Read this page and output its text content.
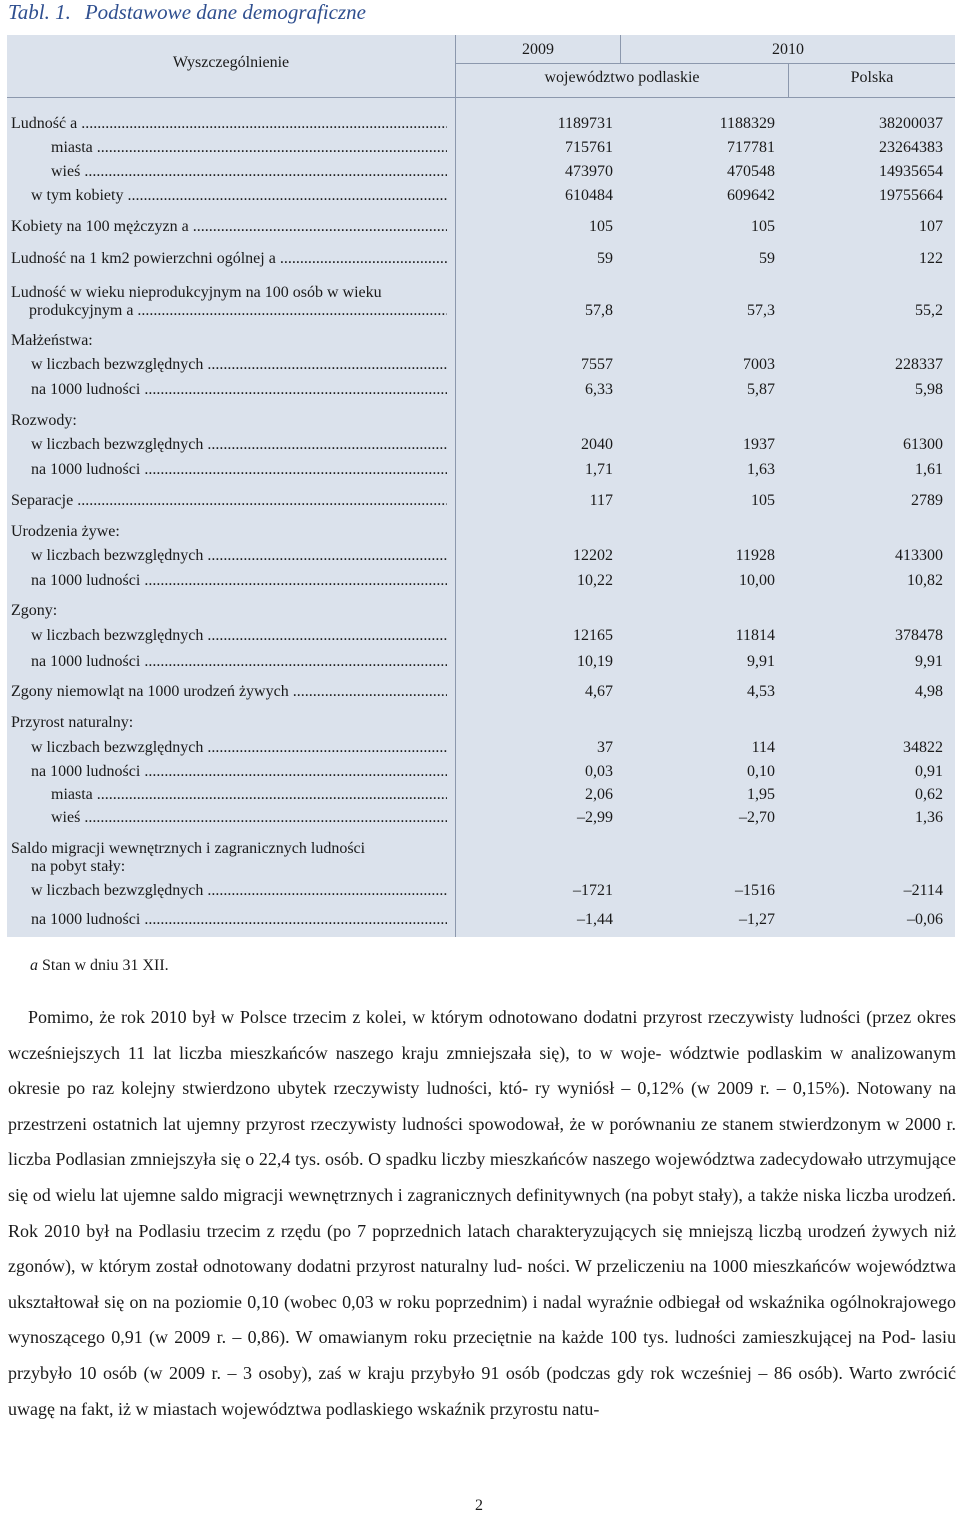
Tabl. 1. Podstawowe dane demograficzne
Wyszczególnienie
2009	2010
województwo podlaskie	Polska
Ludność a .....	1189731	1188329	38200037
miasta .....	715761	717781	23264383
wieś .....	473970	470548	14935654
w tym kobiety .....	610484	609642	19755664
Kobiety na 100 mężczyzn a .....	105	105	107
Ludność na 1 km2 powierzchni ogólnej a .....	59	59	122
Ludność w wieku nieprodukcyjnym na 100 osób w wieku
produkcyjnym a .....	57,8	57,3	55,2
Małżeństwa:
w liczbach bezwzględnych .....	7557	7003	228337
na 1000 ludności .....	6,33	5,87	5,98
Rozwody:
w liczbach bezwzględnych .....	2040	1937	61300
na 1000 ludności .....	1,71	1,63	1,61
Separacje .....	117	105	2789
Urodzenia żywe:
w liczbach bezwzględnych .....	12202	11928	413300
na 1000 ludności .....	10,22	10,00	10,82
Zgony:
w liczbach bezwzględnych .....	12165	11814	378478
na 1000 ludności .....	10,19	9,91	9,91
Zgony niemowląt na 1000 urodzeń żywych .....	4,67	4,53	4,98
Przyrost naturalny:
w liczbach bezwzględnych .....	37	114	34822
na 1000 ludności .....	0,03	0,10	0,91
miasta .....	2,06	1,95	0,62
wieś .....	–2,99	–2,70	1,36
Saldo migracji wewnętrznych i zagranicznych ludności
na pobyt stały:
w liczbach bezwzględnych .....	–1721	–1516	–2114
na 1000 ludności .....	–1,44	–1,27	–0,06
a Stan w dniu 31 XII.

Pomimo, że rok 2010 był w Polsce trzecim z kolei, w którym odnotowano dodatni przyrost rzeczywisty ludności (przez okres wcześniejszych 11 lat liczba mieszkańców naszego kraju zmniejszała się), to w woje- wództwie podlaskim w analizowanym okresie po raz kolejny stwierdzono ubytek rzeczywisty ludności, któ- ry wyniósł – 0,12% (w 2009 r. – 0,15%). Notowany na przestrzeni ostatnich lat ujemny przyrost rzeczywisty ludności spowodował, że w porównaniu ze stanem stwierdzonym w 2000 r. liczba Podlasian zmniejszyła się o 22,4 tys. osób. O spadku liczby mieszkańców naszego województwa zadecydowało utrzymujące się od wielu lat ujemne saldo migracji wewnętrznych i zagranicznych definitywnych (na pobyt stały), a także niska liczba urodzeń. Rok 2010 był na Podlasiu trzecim z rzędu (po 7 poprzednich latach charakteryzujących się mniejszą liczbą urodzeń żywych niż zgonów), w którym został odnotowany dodatni przyrost naturalny lud- ności. W przeliczeniu na 1000 mieszkańców województwa ukształtował się on na poziomie 0,10 (wobec 0,03 w roku poprzednim) i nadal wyraźnie odbiegał od wskaźnika ogólnokrajowego wynoszącego 0,91 (w 2009 r. – 0,86). W omawianym roku przeciętnie na każde 100 tys. ludności zamieszkującej na Pod- lasiu przybyło 10 osób (w 2009 r. – 3 osoby), zaś w kraju przybyło 91 osób (podczas gdy rok wcześniej – 86 osób). Warto zwrócić uwagę na fakt, iż w miastach województwa podlaskiego wskaźnik przyrostu natu-

2
